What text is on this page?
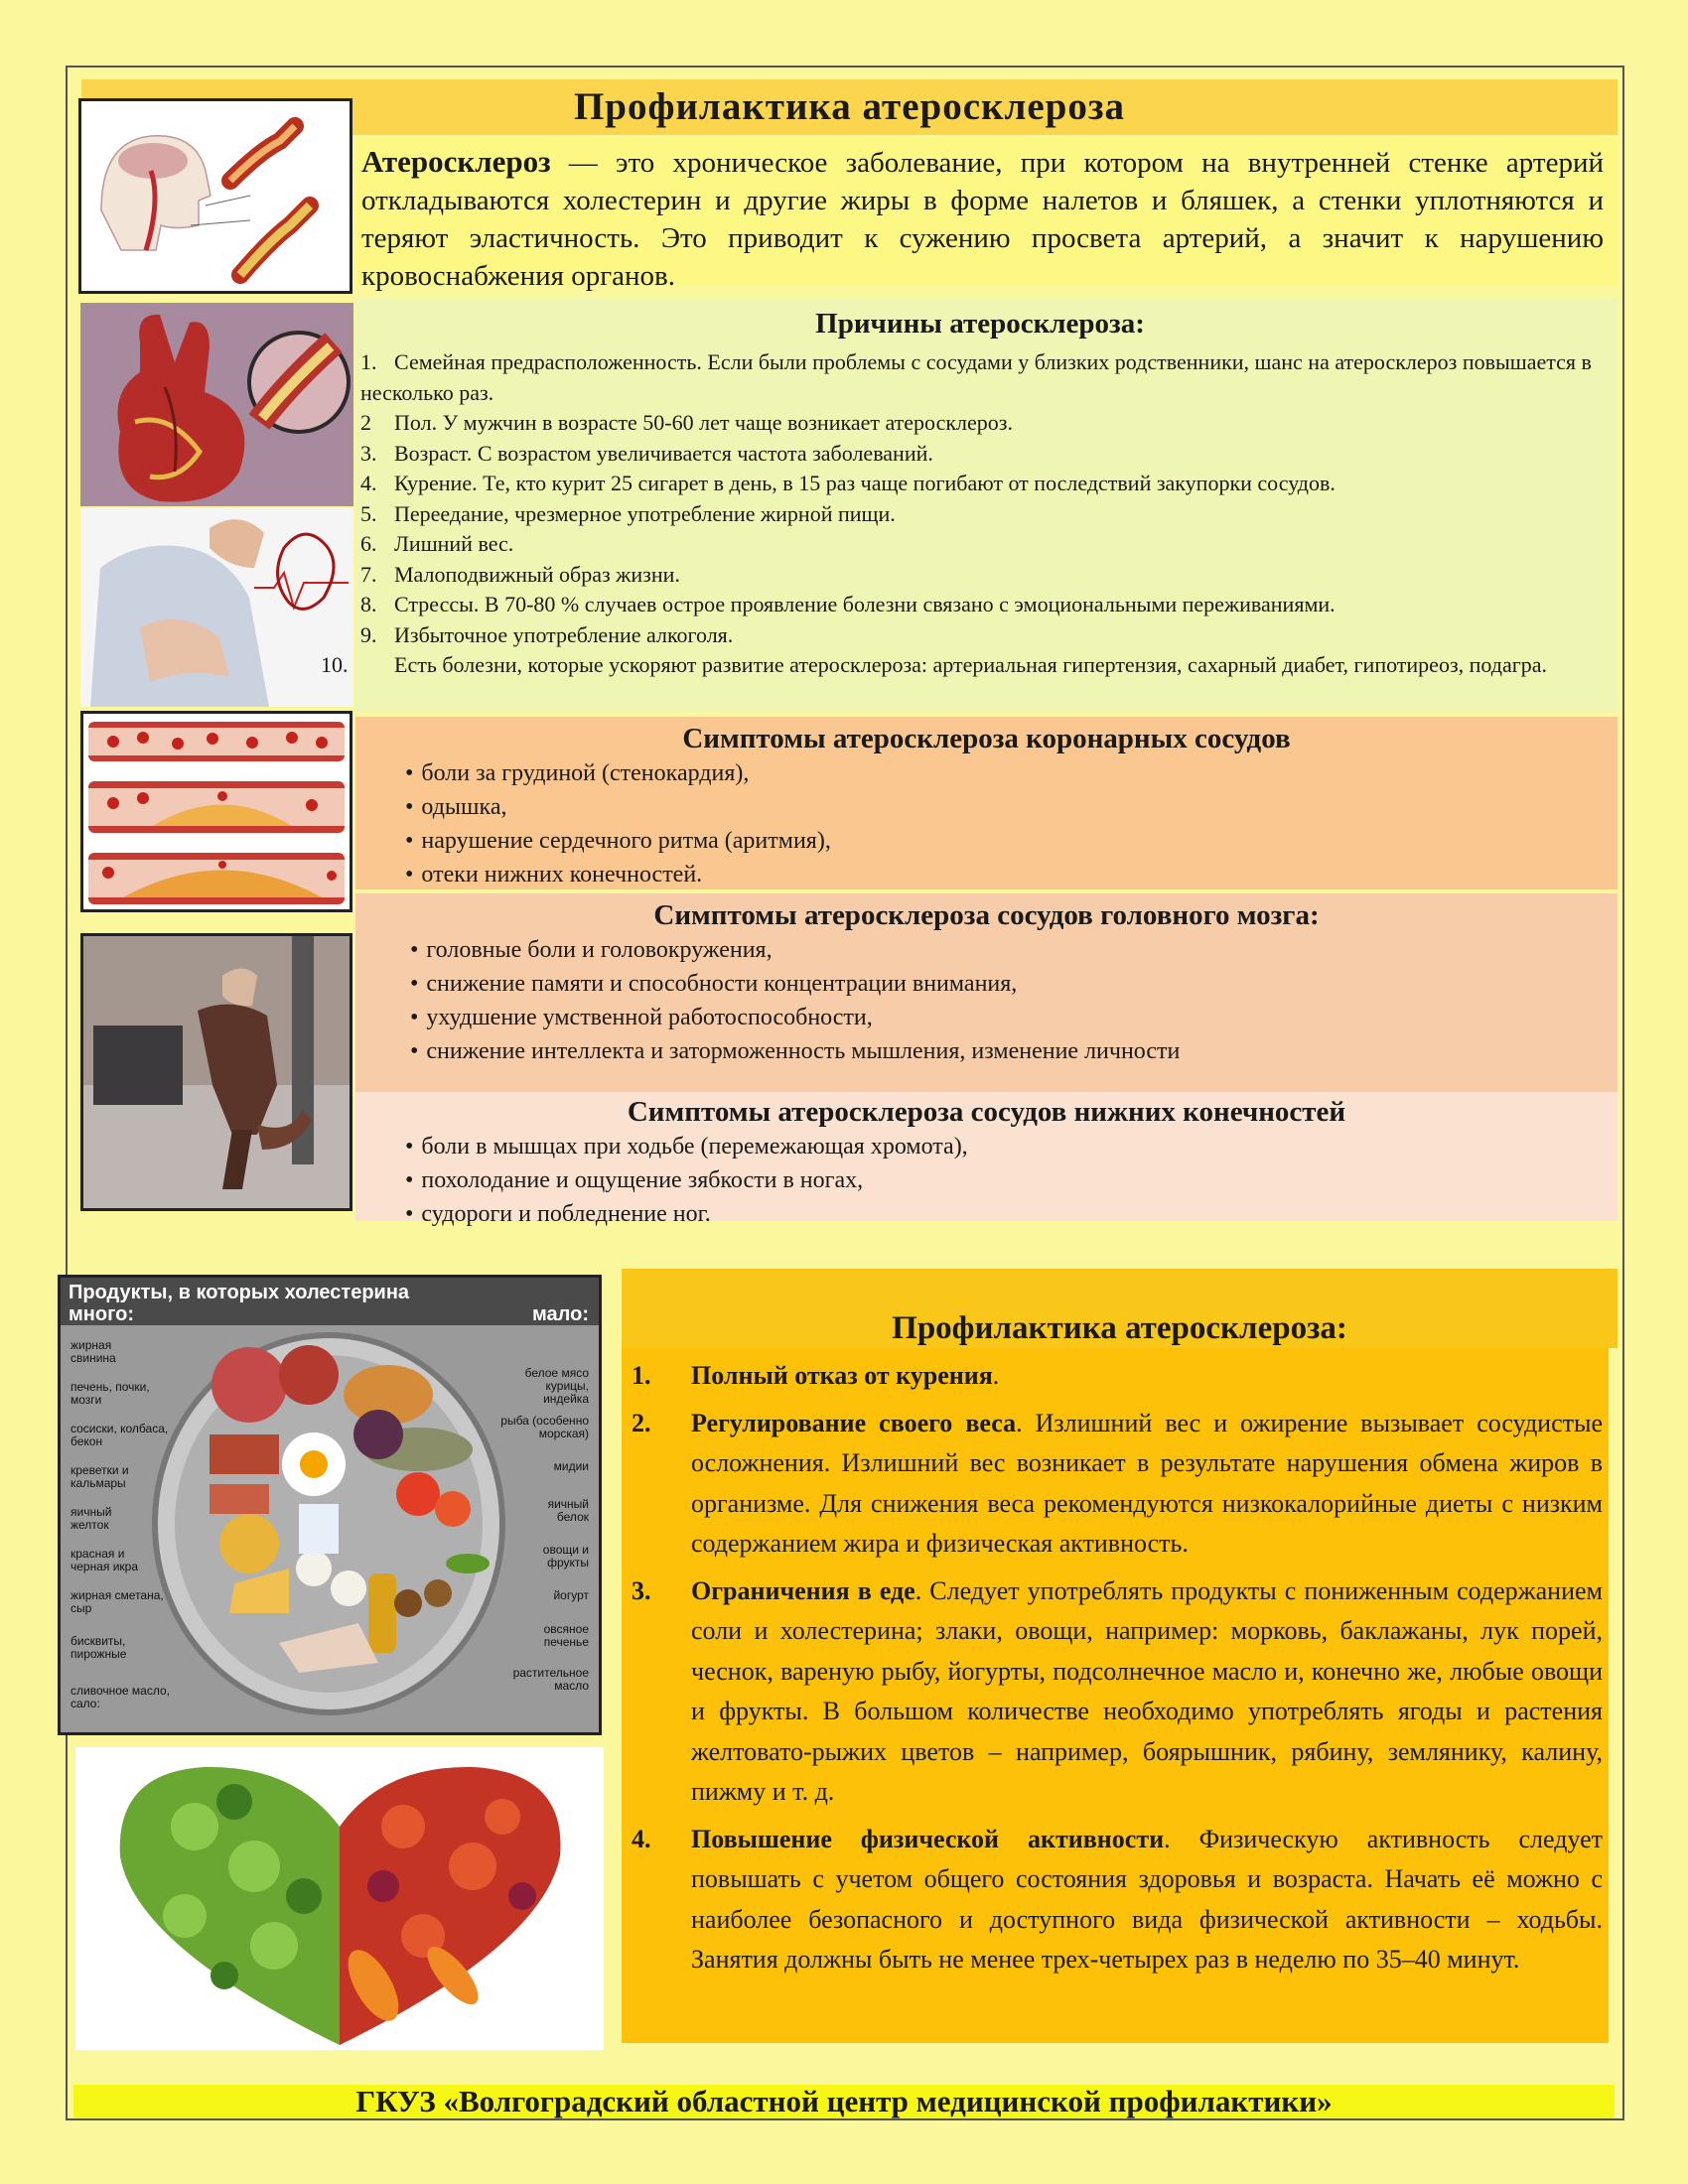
Профилактика атеросклероза
Атеросклероз — это хроническое заболевание, при котором на внутренней стенке артерий откладываются холестерин и другие жиры в форме налетов и бляшек, а стенки уплотняются и теряют эластичность. Это приводит к сужению просвета артерий, а значит к нарушению кровоснабжения органов.
Причины атеросклероза:
1. Семейная предрасположенность. Если были проблемы с сосудами у близких родственники, шанс на атеросклероз повышается в несколько раз.
2 Пол. У мужчин в возрасте 50-60 лет чаще возникает атеросклероз.
3. Возраст. С возрастом увеличивается частота заболеваний.
4. Курение. Те, кто курит 25 сигарет в день, в 15 раз чаще погибают от последствий закупорки сосудов.
5. Переедание, чрезмерное употребление жирной пищи.
6. Лишний вес.
7. Малоподвижный образ жизни.
8. Стрессы. В 70-80 % случаев острое проявление болезни связано с эмоциональными переживаниями.
9. Избыточное употребление алкоголя.
10. Есть болезни, которые ускоряют развитие атеросклероза: артериальная гипертензия, сахарный диабет, гипотиреоз, подагра.
Симптомы атеросклероза коронарных сосудов
• боли за грудиной (стенокардия),
• одышка,
• нарушение сердечного ритма (аритмия),
• отеки нижних конечностей.
Симптомы атеросклероза сосудов головного мозга:
• головные боли и головокружения,
• снижение памяти и способности концентрации внимания,
• ухудшение умственной работоспособности,
• снижение интеллекта и заторможенность мышления, изменение личности
Симптомы атеросклероза сосудов нижних конечностей
• боли в мышцах при ходьбе (перемежающая хромота),
• похолодание и ощущение зябкости в ногах,
• судороги и побледнение ног.
Продукты, в которых холестерина
много:	мало:
жирная свинина
печень, почки, мозги
сосиски, колбаса, бекон
креветки и кальмары
яичный желток
красная и черная икра
жирная сметана, сыр
бисквиты, пирожные
сливочное масло, сало:
белое мясо курицы, индейка
рыба (особенно морская)
мидии
яичный белок
овощи и фрукты
йогурт
овсяное печенье
растительное масло
Профилактика атеросклероза:
1. Полный отказ от курения.
2. Регулирование своего веса. Излишний вес и ожирение вызывает сосудистые осложнения. Излишний вес возникает в результате нарушения обмена жиров в организме. Для снижения веса рекомендуются низкокалорийные диеты с низким содержанием жира и физическая активность.
3. Ограничения в еде. Следует употреблять продукты с пониженным содержанием соли и холестерина; злаки, овощи, например: морковь, баклажаны, лук порей, чеснок, вареную рыбу, йогурты, подсолнечное масло и, конечно же, любые овощи и фрукты. В большом количестве необходимо употреблять ягоды и растения желтовато-рыжих цветов – например, боярышник, рябину, землянику, калину, пижму и т. д.
4. Повышение физической активности. Физическую активность следует повышать с учетом общего состояния здоровья и возраста. Начать её можно с наиболее безопасного и доступного вида физической активности – ходьбы. Занятия должны быть не менее трех-четырех раз в неделю по 35–40 минут.
ГКУЗ «Волгоградский областной центр медицинской профилактики»
